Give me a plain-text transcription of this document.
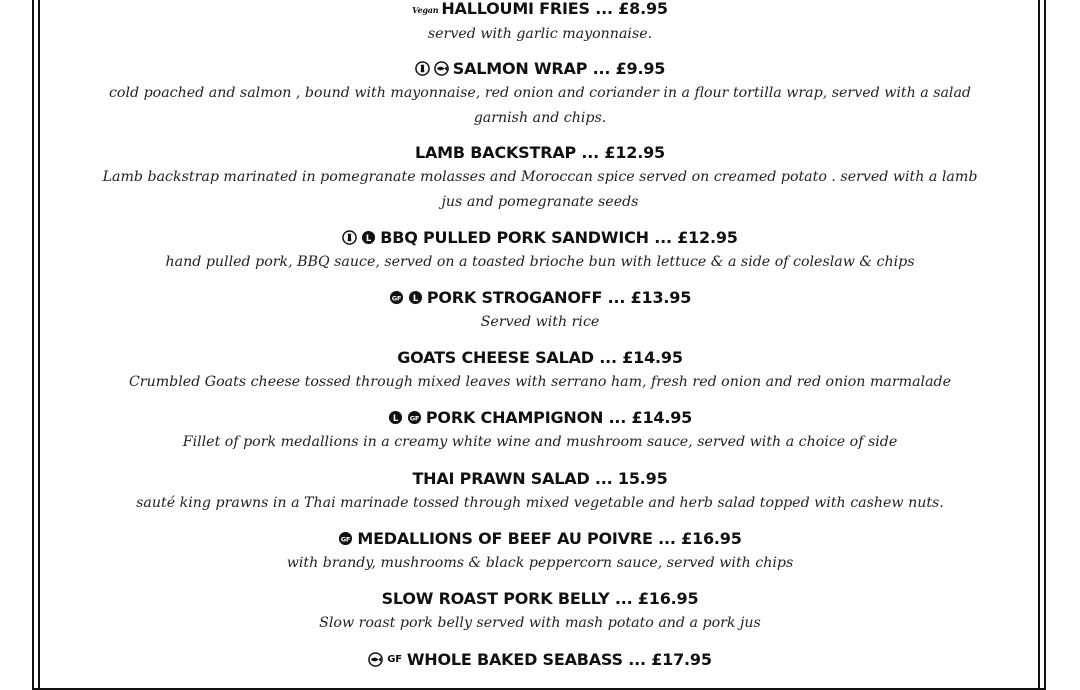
Vegan HALLOUMI FRIES ... £8.95
served with garlic mayonnaise.
SALMON WRAP ... £9.95
cold poached and salmon , bound with mayonnaise, red onion and coriander in a flour tortilla wrap, served with a salad garnish and chips.
LAMB BACKSTRAP ... £12.95
Lamb backstrap marinated in pomegranate molasses and Moroccan spice served on creamed potato . served with a lamb jus and pomegranate seeds
L BBQ PULLED PORK SANDWICH ... £12.95
hand pulled pork, BBQ sauce, served on a toasted brioche bun with lettuce & a side of coleslaw & chips
GF L PORK STROGANOFF ... £13.95
Served with rice
GOATS CHEESE SALAD ... £14.95
Crumbled Goats cheese tossed through mixed leaves with serrano ham, fresh red onion and red onion marmalade
L GF PORK CHAMPIGNON ... £14.95
Fillet of pork medallions in a creamy white wine and mushroom sauce, served with a choice of side
THAI PRAWN SALAD ... 15.95
sauté king prawns in a Thai marinade tossed through mixed vegetable and herb salad topped with cashew nuts.
GF MEDALLIONS OF BEEF AU POIVRE ... £16.95
with brandy, mushrooms & black peppercorn sauce, served with chips
SLOW ROAST PORK BELLY ... £16.95
Slow roast pork belly served with mash potato and a pork jus
GF WHOLE BAKED SEABASS ... £17.95
